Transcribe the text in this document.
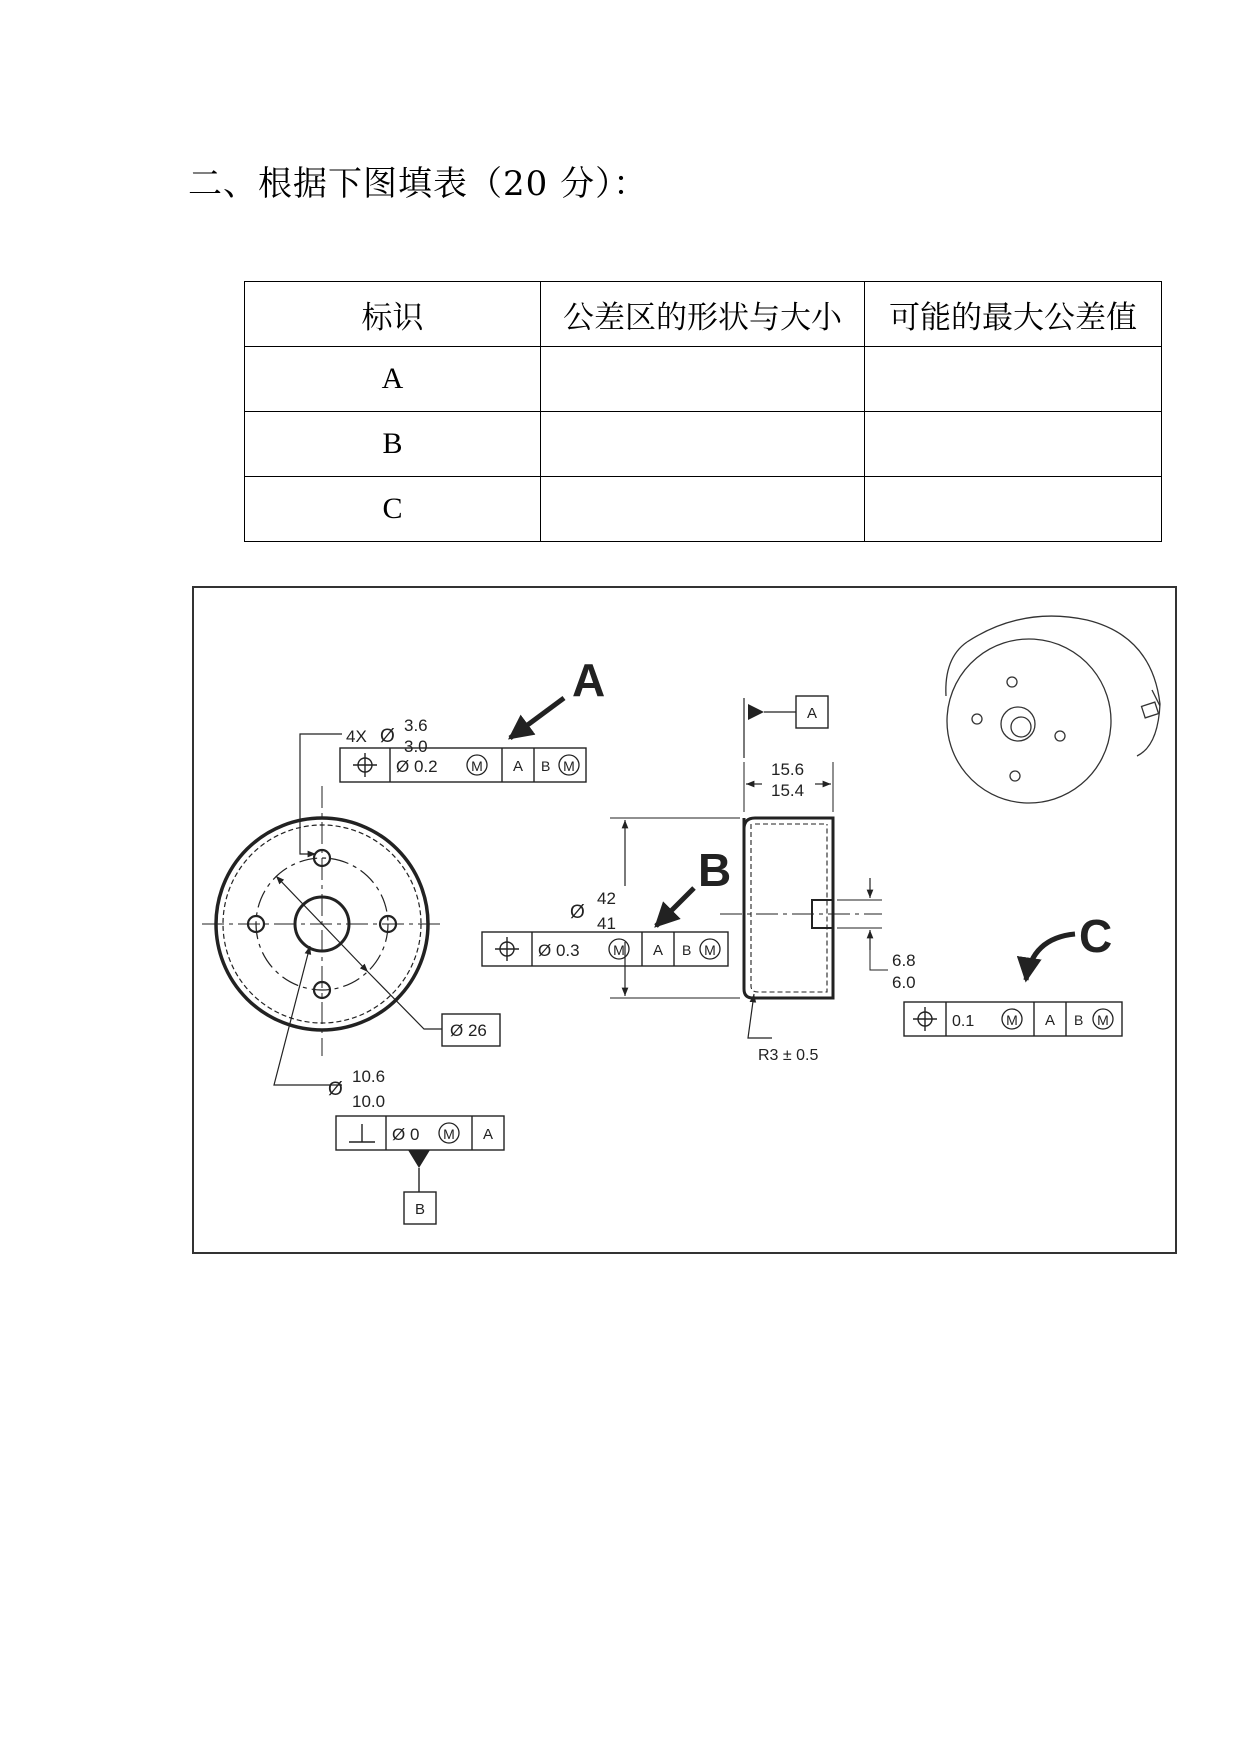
二、根据下图填表（20 分）：
标识	公差区的形状与大小	可能的最大公差值
A		
B		
C		
4X Ø
3.6
3.0
A
Ø 0.2 M A B M
Ø 26
Ø
10.6
10.0
Ø 0 M A
B
A
15.6
15.4
Ø
42
41
B
Ø 0.3 M A B M
R3 ± 0.5
6.8
6.0
C
0.1 M A B M
